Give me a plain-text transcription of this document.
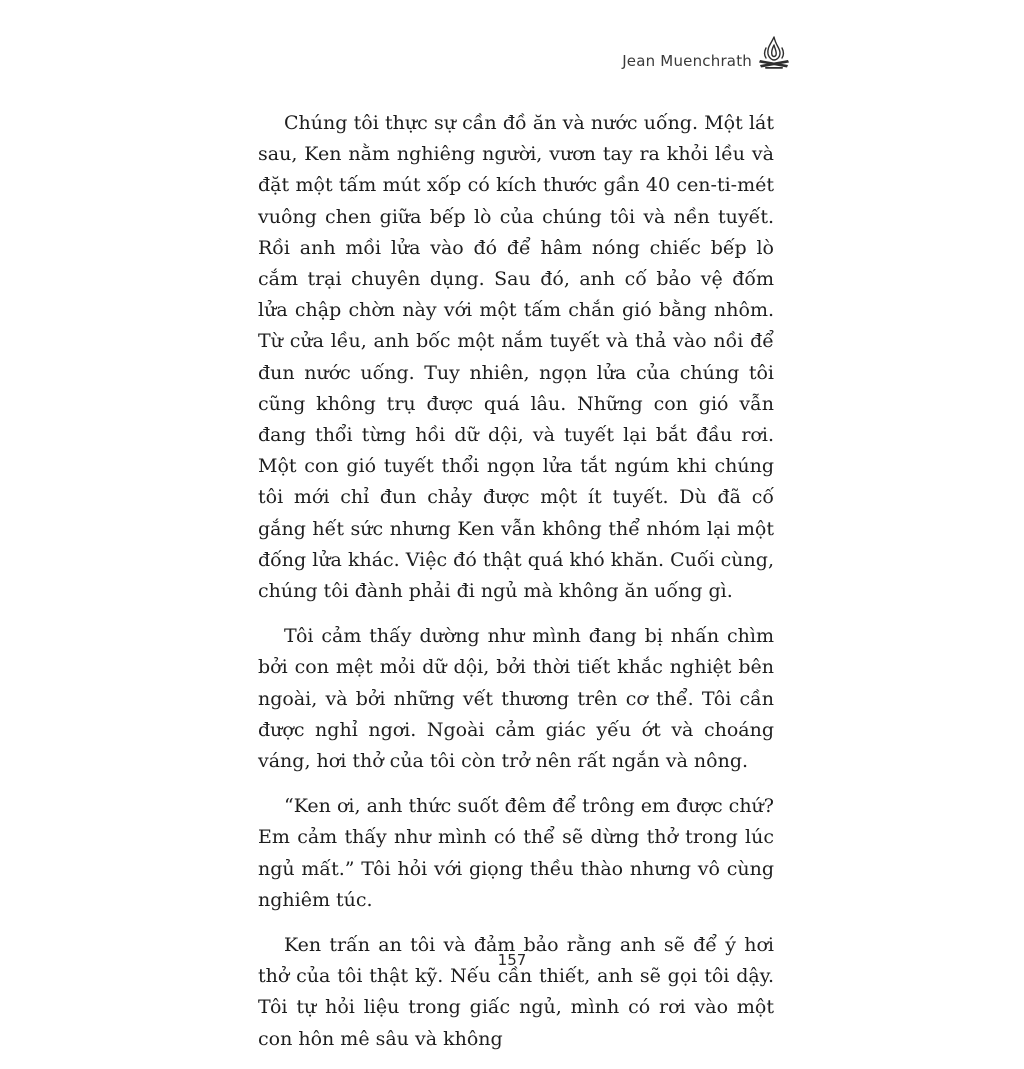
Jean Muenchrath

Chúng tôi thực sự cần đồ ăn và nước uống. Một lát sau, Ken nằm nghiêng người, vươn tay ra khỏi lều và đặt một tấm mút xốp có kích thước gần 40 cen-ti-mét vuông chen giữa bếp lò của chúng tôi và nền tuyết. Rồi anh mồi lửa vào đó để hâm nóng chiếc bếp lò cắm trại chuyên dụng. Sau đó, anh cố bảo vệ đốm lửa chập chờn này với một tấm chắn gió bằng nhôm. Từ cửa lều, anh bốc một nắm tuyết và thả vào nồi để đun nước uống. Tuy nhiên, ngọn lửa của chúng tôi cũng không trụ được quá lâu. Những con gió vẫn đang thổi từng hồi dữ dội, và tuyết lại bắt đầu rơi. Một con gió tuyết thổi ngọn lửa tắt ngúm khi chúng tôi mới chỉ đun chảy được một ít tuyết. Dù đã cố gắng hết sức nhưng Ken vẫn không thể nhóm lại một đống lửa khác. Việc đó thật quá khó khăn. Cuối cùng, chúng tôi đành phải đi ngủ mà không ăn uống gì.

Tôi cảm thấy dường như mình đang bị nhấn chìm bởi con mệt mỏi dữ dội, bởi thời tiết khắc nghiệt bên ngoài, và bởi những vết thương trên cơ thể. Tôi cần được nghỉ ngơi. Ngoài cảm giác yếu ớt và choáng váng, hơi thở của tôi còn trở nên rất ngắn và nông.

“Ken ơi, anh thức suốt đêm để trông em được chứ? Em cảm thấy như mình có thể sẽ dừng thở trong lúc ngủ mất.” Tôi hỏi với giọng thều thào nhưng vô cùng nghiêm túc.

Ken trấn an tôi và đảm bảo rằng anh sẽ để ý hơi thở của tôi thật kỹ. Nếu cần thiết, anh sẽ gọi tôi dậy. Tôi tự hỏi liệu trong giấc ngủ, mình có rơi vào một con hôn mê sâu và không

157
